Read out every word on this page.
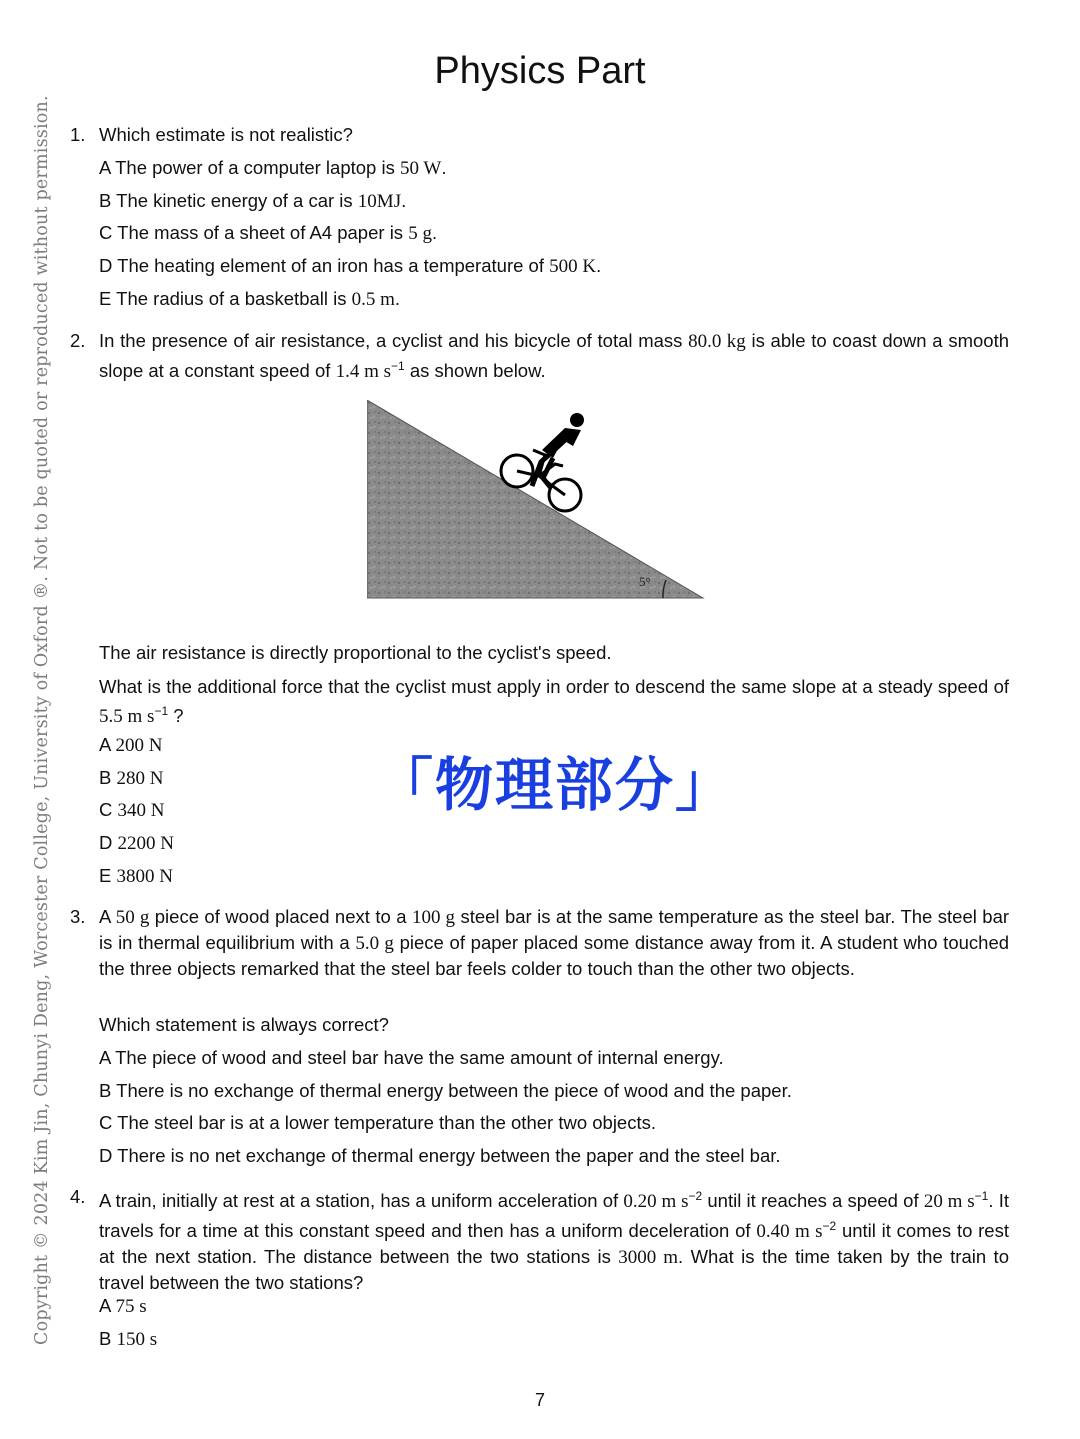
Physics Part
Copyright © 2024 Kim Jin, Chunyi Deng, Worcester College, University of Oxford ®. Not to be quoted or reproduced without permission. 1. Which estimate is not realistic?
A The power of a computer laptop is 50 W.
B The kinetic energy of a car is 10MJ.
C The mass of a sheet of A4 paper is 5 g.
D The heating element of an iron has a temperature of 500 K.
E The radius of a basketball is 0.5 m.
2. In the presence of air resistance, a cyclist and his bicycle of total mass 80.0 kg is able to coast down a smooth slope at a constant speed of 1.4 m $s^{-1}$ as shown below.
5°
The air resistance is directly proportional to the cyclist's speed.
What is the additional force that the cyclist must apply in order to descend the same slope at a steady speed of 5.5 m $s^{-1}$ ?
A 200 N
B 280 N
C 340 N
D 2200 N
E 3800 N
「物理部分」
3. A 50 g piece of wood placed next to a 100 g steel bar is at the same temperature as the steel bar. The steel bar is in thermal equilibrium with a 5.0 g piece of paper placed some distance away from it. A student who touched the three objects remarked that the steel bar feels colder to touch than the other two objects.
Which statement is always correct?
A The piece of wood and steel bar have the same amount of internal energy.
B There is no exchange of thermal energy between the piece of wood and the paper.
C The steel bar is at a lower temperature than the other two objects.
D There is no net exchange of thermal energy between the paper and the steel bar.
4. A train, initially at rest at a station, has a uniform acceleration of 0.20 m $s^{-2}$ until it reaches a speed of 20 m $s^{-1}$. It travels for a time at this constant speed and then has a uniform deceleration of 0.40 m $s^{-2}$ until it comes to rest at the next station. The distance between the two stations is 3000 m. What is the time taken by the train to travel between the two stations?
A 75 s
B 150 s
7
